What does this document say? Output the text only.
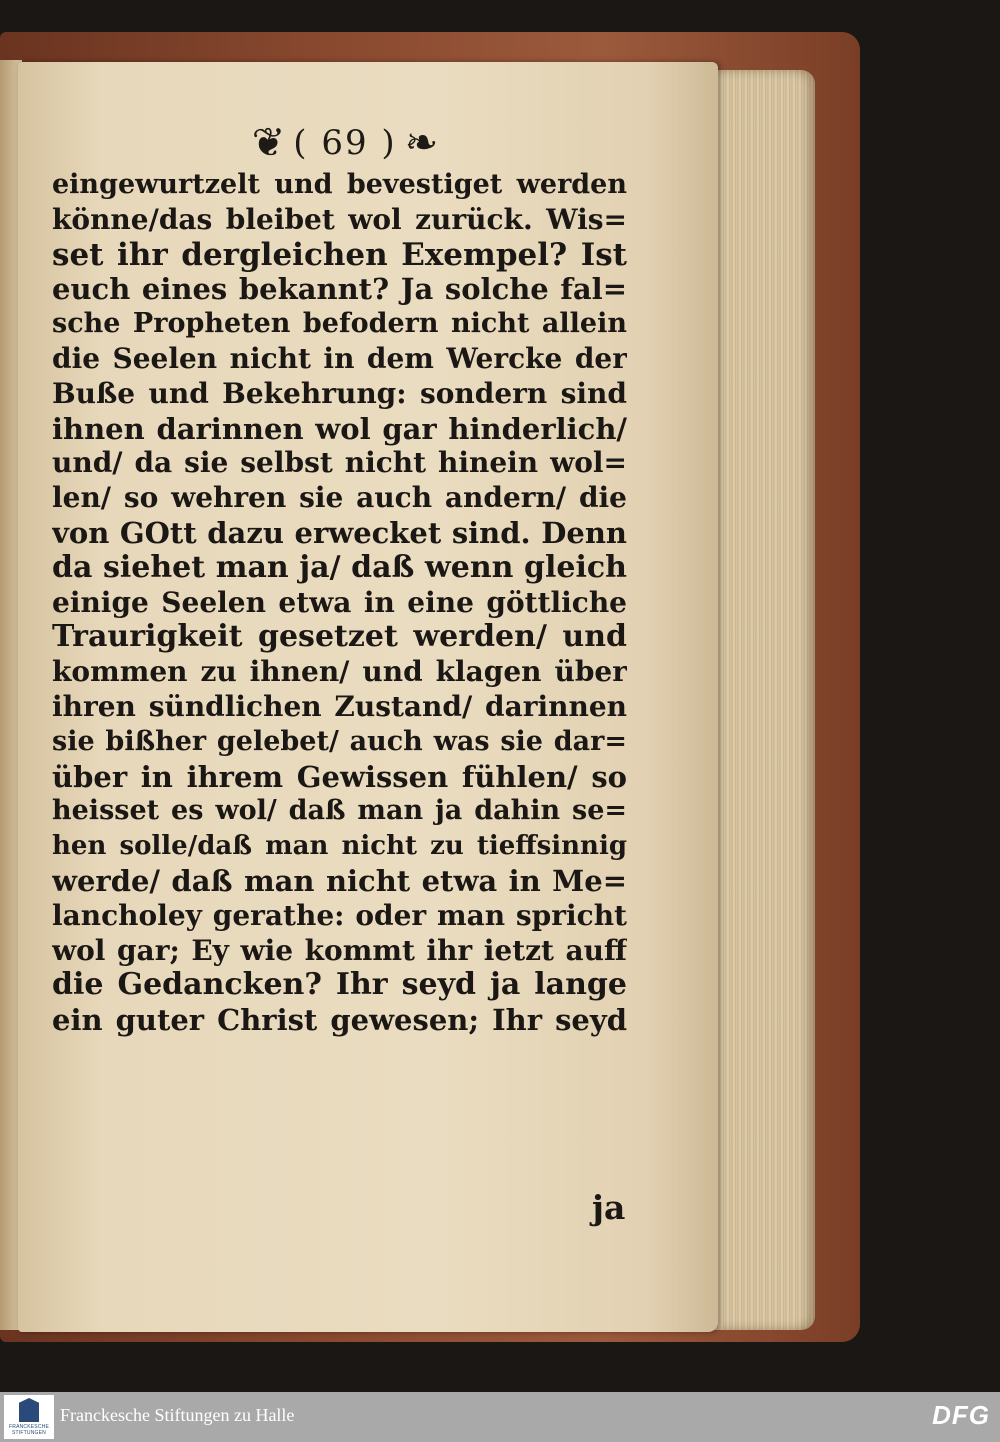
❦ ( 69 ) ❧
eingewurtzelt und bevestiget werden
könne/das bleibet wol zurück. Wis=
set ihr dergleichen Exempel? Ist
euch eines bekannt? Ja solche fal=
sche Propheten befodern nicht allein
die Seelen nicht in dem Wercke der
Buße und Bekehrung: sondern sind
ihnen darinnen wol gar hinderlich/
und/ da sie selbst nicht hinein wol=
len/ so wehren sie auch andern/ die
von GOtt dazu erwecket sind. Denn
da siehet man ja/ daß wenn gleich
einige Seelen etwa in eine göttliche
Traurigkeit gesetzet werden/ und
kommen zu ihnen/ und klagen über
ihren sündlichen Zustand/ darinnen
sie bißher gelebet/ auch was sie dar=
über in ihrem Gewissen fühlen/ so
heisset es wol/ daß man ja dahin se=
hen solle/daß man nicht zu tieffsinnig
werde/ daß man nicht etwa in Me=
lancholey gerathe: oder man spricht
wol gar; Ey wie kommt ihr ietzt auff
die Gedancken? Ihr seyd ja lange
ein guter Christ gewesen; Ihr seyd
ja
FRANCKESCHE STIFTUNGEN
Franckesche Stiftungen zu Halle	DFG
